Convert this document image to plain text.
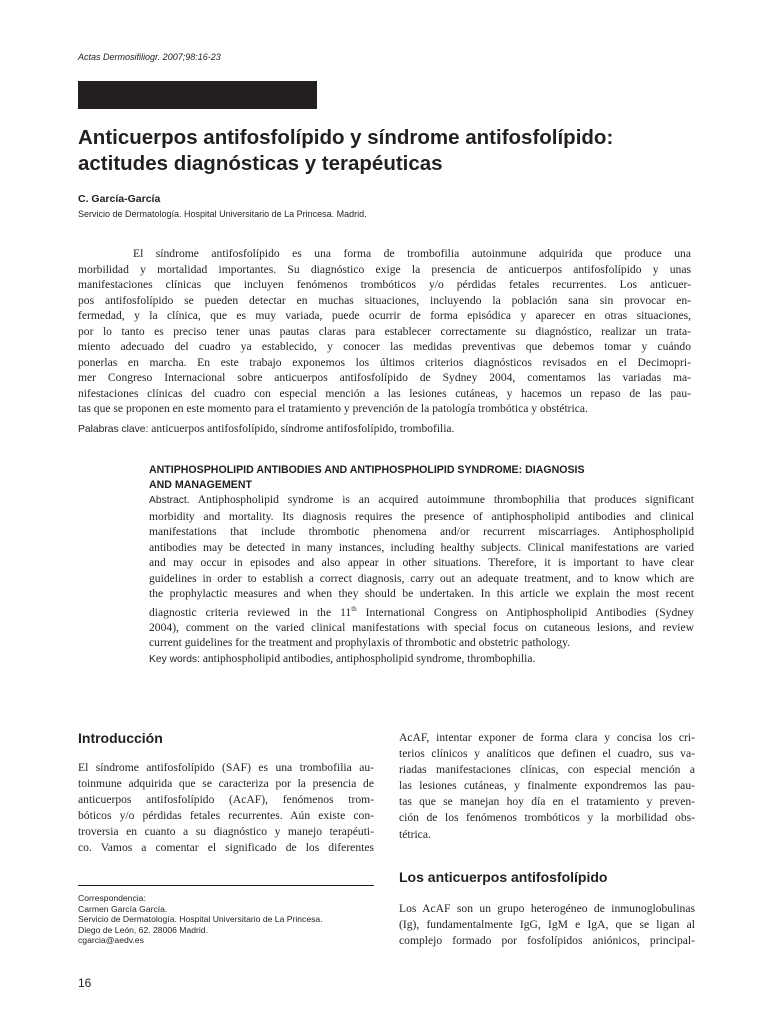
Actas Dermosifiliogr. 2007;98:16-23
Anticuerpos antifosfolípido y síndrome antifosfolípido:
actitudes diagnósticas y terapéuticas
C. García-García
Servicio de Dermatología. Hospital Universitario de La Princesa. Madrid.
El síndrome antifosfolípido es una forma de trombofilia autoinmune adquirida que produce una
morbilidad y mortalidad importantes. Su diagnóstico exige la presencia de anticuerpos antifosfolípido y unas
manifestaciones clínicas que incluyen fenómenos trombóticos y/o pérdidas fetales recurrentes. Los anticuer-
pos antifosfolípido se pueden detectar en muchas situaciones, incluyendo la población sana sin provocar en-
fermedad, y la clínica, que es muy variada, puede ocurrir de forma episódica y aparecer en otras situaciones,
por lo tanto es preciso tener unas pautas claras para establecer correctamente su diagnóstico, realizar un trata-
miento adecuado del cuadro ya establecido, y conocer las medidas preventivas que debemos tomar y cuándo
ponerlas en marcha. En este trabajo exponemos los últimos criterios diagnósticos revisados en el Decimopri-
mer Congreso Internacional sobre anticuerpos antifosfolípido de Sydney 2004, comentamos las variadas ma-
nifestaciones clínicas del cuadro con especial mención a las lesiones cutáneas, y hacemos un repaso de las pau-
tas que se proponen en este momento para el tratamiento y prevención de la patología trombótica y obstétrica.
Palabras clave: anticuerpos antifosfolípido, síndrome antifosfolípido, trombofilia.
ANTIPHOSPHOLIPID ANTIBODIES AND ANTIPHOSPHOLIPID SYNDROME: DIAGNOSIS
AND MANAGEMENT
Abstract. Antiphospholipid syndrome is an acquired autoimmune thrombophilia that produces significant
morbidity and mortality. Its diagnosis requires the presence of antiphospholipid antibodies and clinical
manifestations that include thrombotic phenomena and/or recurrent miscarriages. Antiphospholipid
antibodies may be detected in many instances, including healthy subjects. Clinical manifestations are varied
and may occur in episodes and also appear in other situations. Therefore, it is important to have clear
guidelines in order to establish a correct diagnosis, carry out an adequate treatment, and to know which are
the prophylactic measures and when they should be undertaken. In this article we explain the most recent
diagnostic criteria reviewed in the 11th International Congress on Antiphospholipid Antibodies (Sydney
2004), comment on the varied clinical manifestations with special focus on cutaneous lesions, and review
current guidelines for the treatment and prophylaxis of thrombotic and obstetric pathology.
Key words: antiphospholipid antibodies, antiphospholipid syndrome, thrombophilia.
Introducción
El síndrome antifosfolípido (SAF) es una trombofilia au-
toinmune adquirida que se caracteriza por la presencia de
anticuerpos antifosfolípido (AcAF), fenómenos trom-
bóticos y/o pérdidas fetales recurrentes. Aún existe con-
troversia en cuanto a su diagnóstico y manejo terapéuti-
co. Vamos a comentar el significado de los diferentes
AcAF, intentar exponer de forma clara y concisa los cri-
terios clínicos y analíticos que definen el cuadro, sus va-
riadas manifestaciones clínicas, con especial mención a
las lesiones cutáneas, y finalmente expondremos las pau-
tas que se manejan hoy día en el tratamiento y preven-
ción de los fenómenos trombóticos y la morbilidad obs-
tétrica.
Los anticuerpos antifosfolípido
Los AcAF son un grupo heterogéneo de inmunoglobulinas
(Ig), fundamentalmente IgG, IgM e IgA, que se ligan al
complejo formado por fosfolípidos aniónicos, principal-
Correspondencia:
Carmen García García.
Servicio de Dermatología. Hospital Universitario de La Princesa.
Diego de León, 62. 28006 Madrid.
cgarcia@aedv.es
16
